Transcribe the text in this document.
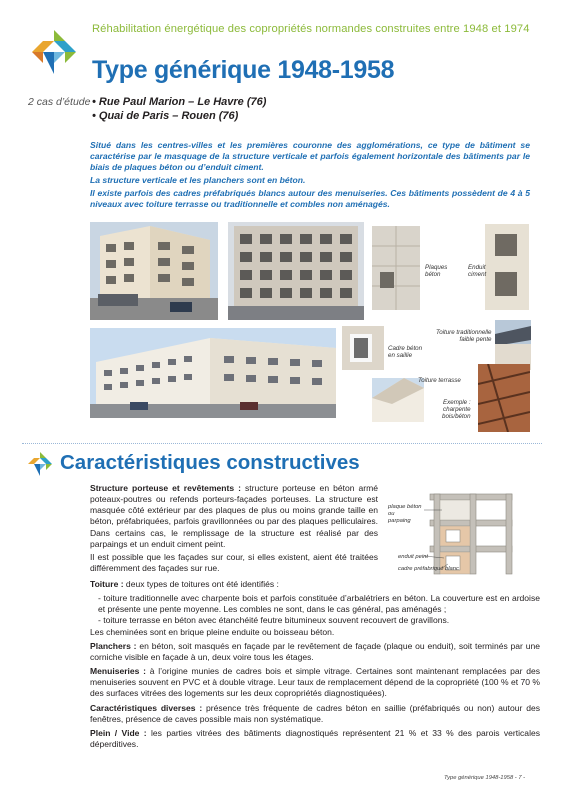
Réhabilitation énergétique des copropriétés normandes construites entre 1948 et 1974
Type générique 1948-1958
2 cas d’étude • Rue Paul Marion – Le Havre (76)
• Quai de Paris – Rouen (76)

Situé dans les centres-villes et les premières couronne des agglomérations, ce type de bâtiment se caractérise par le masquage de la structure verticale et parfois également horizontale des bâtiments par le biais de plaques béton ou d’enduit ciment.

La structure verticale et les planchers sont en béton.

Il existe parfois des cadres préfabriqués blancs autour des menuiseries. Ces bâtiments possèdent de 4 à 5 niveaux avec toiture terrasse ou traditionnelle et combles non aménagés.

Plaques
béton
Enduit
ciment
Cadre béton
en saillie
Toiture traditionnelle
faible pente
Toiture terrasse
Exemple :
charpente
bois/béton
Caractéristiques constructives

Structure porteuse et revêtements : structure porteuse en béton armé poteaux-poutres ou refends porteurs-façades porteuses. La structure est masquée côté extérieur par des plaques de plus ou moins grande taille en béton, préfabriquées, parfois gravillonnées ou par des plaques pelliculaires. Dans certains cas, le remplissage de la structure est réalisé par des parpaings et un enduit ciment peint.

Il est possible que les façades sur cour, si elles existent, aient été traitées différemment des façades sur rue.

plaque béton
ou
parpaing
enduit peint
cadre préfabriqué blanc

Toiture : deux types de toitures ont été identifiés :

- toiture traditionnelle avec charpente bois et parfois constituée d’arbalétriers en béton. La couverture est en ardoise et présente une pente moyenne. Les combles ne sont, dans le cas général, pas aménagés ;

- toiture terrasse en béton avec étanchéité feutre bitumineux souvent recouvert de gravillons.

Les cheminées sont en brique pleine enduite ou boisseau béton.

Planchers : en béton, soit masqués en façade par le revêtement de façade (plaque ou enduit), soit terminés par une corniche visible en façade à un, deux voire tous les étages.

Menuiseries : à l’origine munies de cadres bois et simple vitrage. Certaines sont maintenant remplacées par des menuiseries souvent en PVC et à double vitrage. Leur taux de remplacement dépend de la copropriété (100 % et 70 % des surfaces vitrées des logements sur les deux copropriétés diagnostiquées).

Caractéristiques diverses : présence très fréquente de cadres béton en saillie (préfabriqués ou non) autour des fenêtres, présence de caves possible mais non systématique.

Plein / Vide : les parties vitrées des bâtiments diagnostiqués représentent 21 % et 33 % des parois verticales déperditives.

Type générique 1948-1958 - 7 -
